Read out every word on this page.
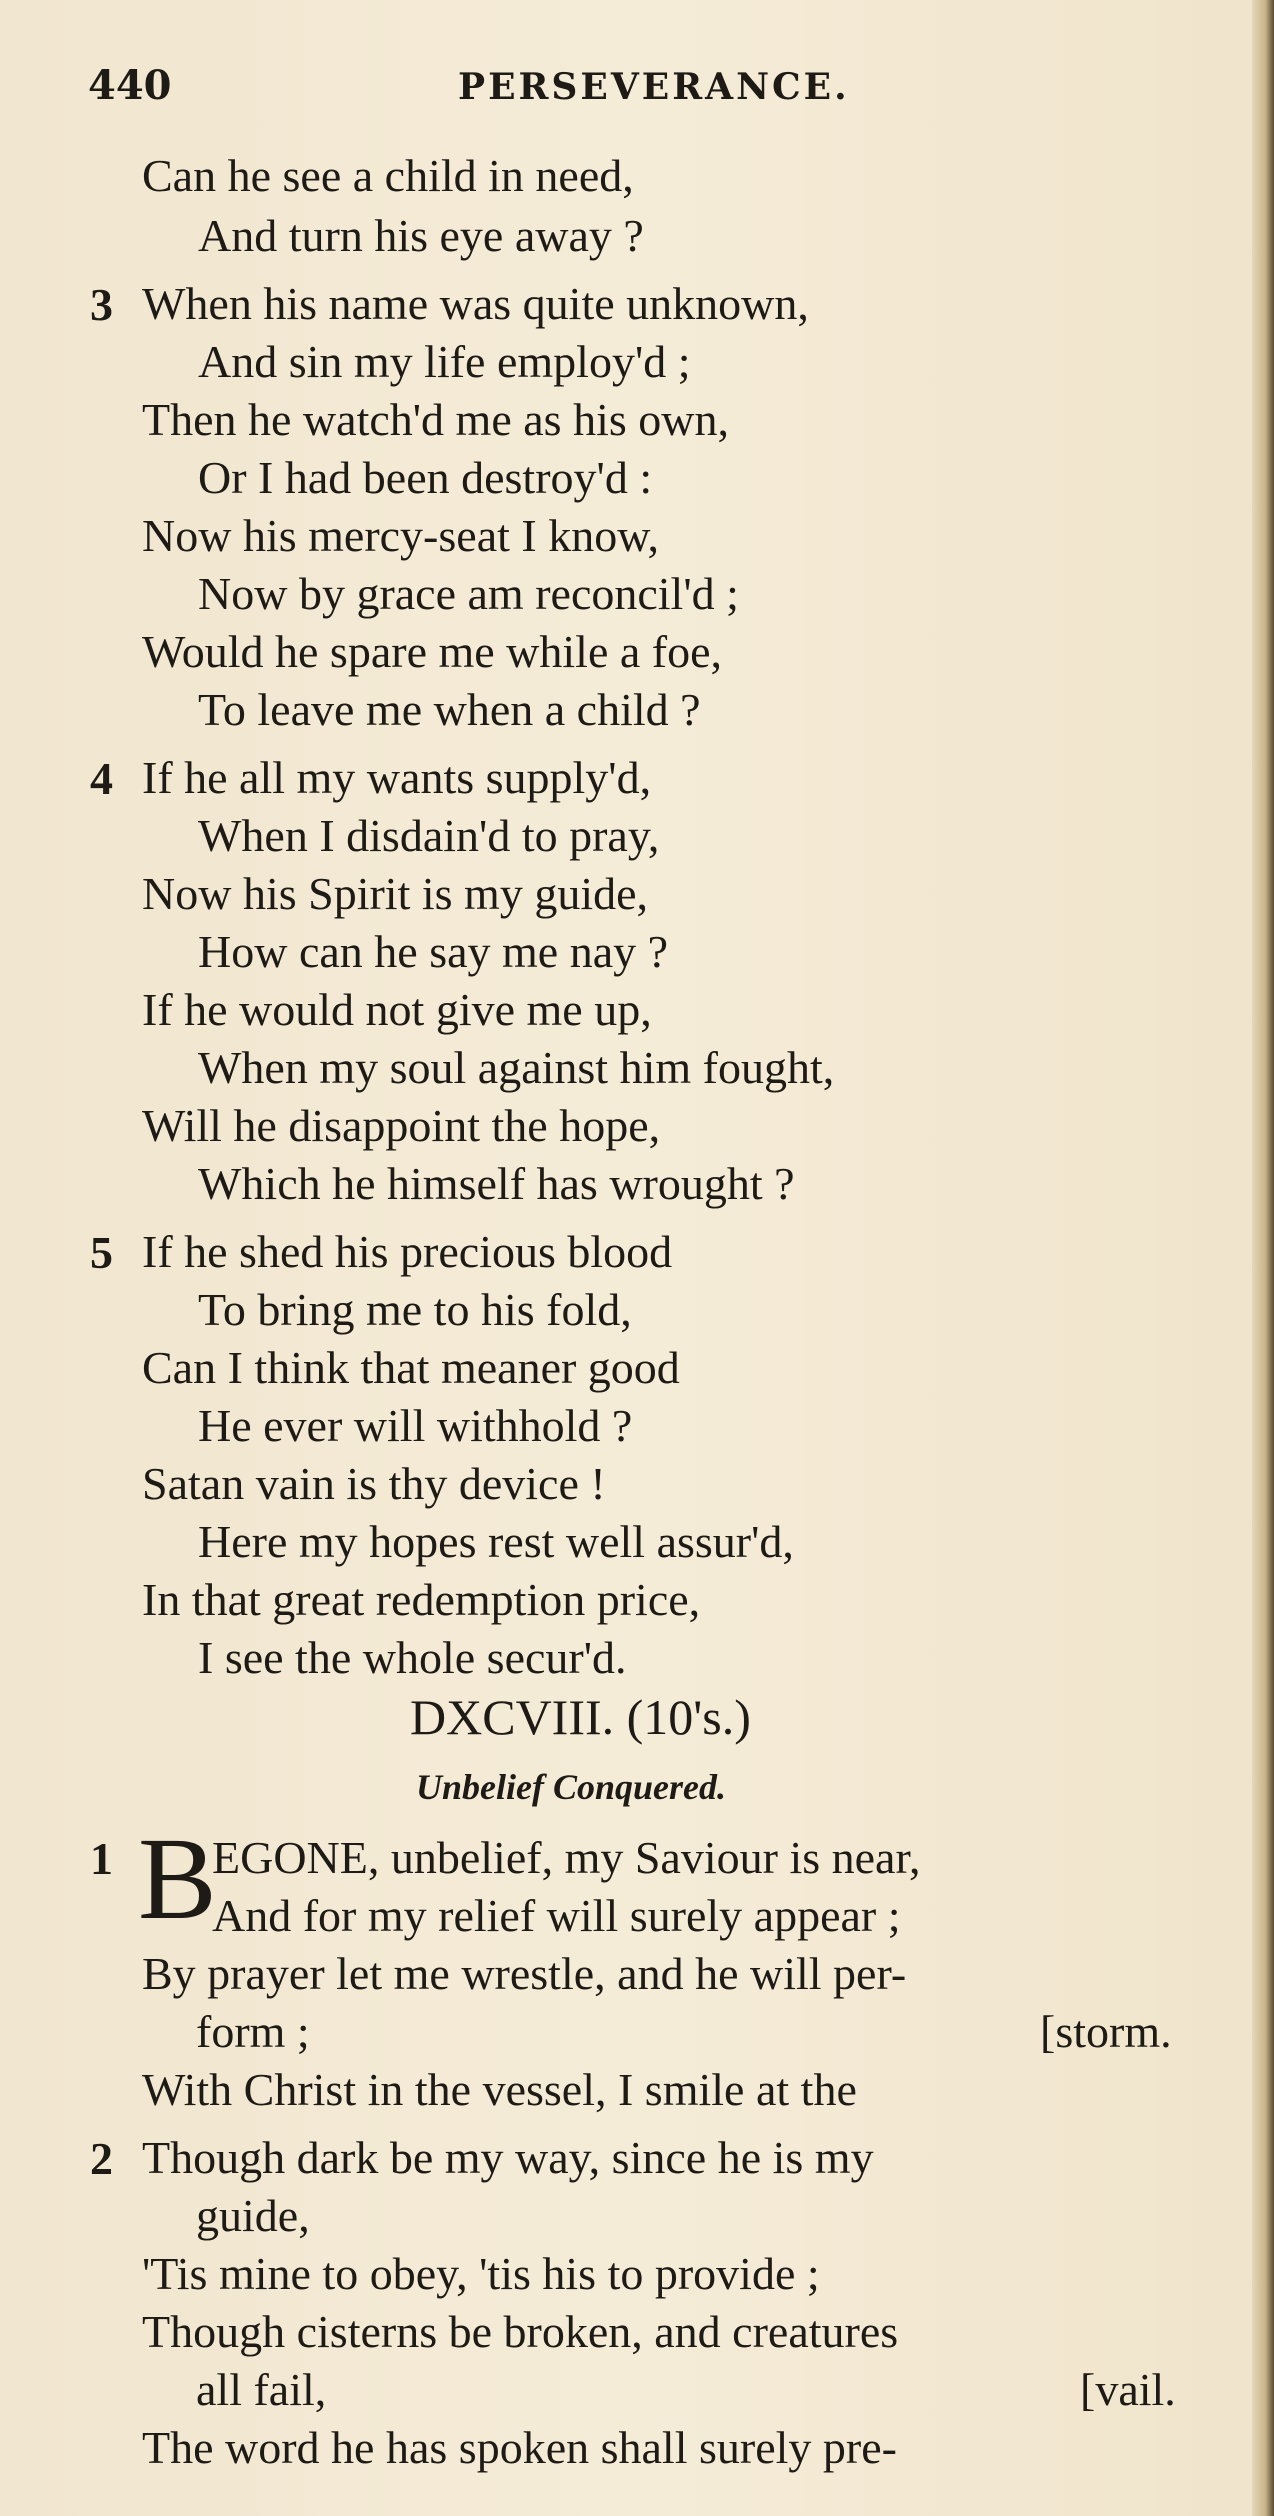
440	PERSEVERANCE.
Can he see a child in need,
And turn his eye away ?
3 When his name was quite unknown,
And sin my life employ'd ;
Then he watch'd me as his own,
Or I had been destroy'd :
Now his mercy-seat I know,
Now by grace am reconcil'd ;
Would he spare me while a foe,
To leave me when a child ?
4 If he all my wants supply'd,
When I disdain'd to pray,
Now his Spirit is my guide,
How can he say me nay ?
If he would not give me up,
When my soul against him fought,
Will he disappoint the hope,
Which he himself has wrought ?
5 If he shed his precious blood
To bring me to his fold,
Can I think that meaner good
He ever will withhold ?
Satan vain is thy device !
Here my hopes rest well assur'd,
In that great redemption price,
I see the whole secur'd.
DXCVIII. (10's.)
Unbelief Conquered.
1 B
EGONE, unbelief, my Saviour is near,
And for my relief will surely appear ;
By prayer let me wrestle, and he will per-
form ;	[storm.
With Christ in the vessel, I smile at the
2 Though dark be my way, since he is my
guide,
'Tis mine to obey, 'tis his to provide ;
Though cisterns be broken, and creatures
all fail,	[vail.
The word he has spoken shall surely pre-
